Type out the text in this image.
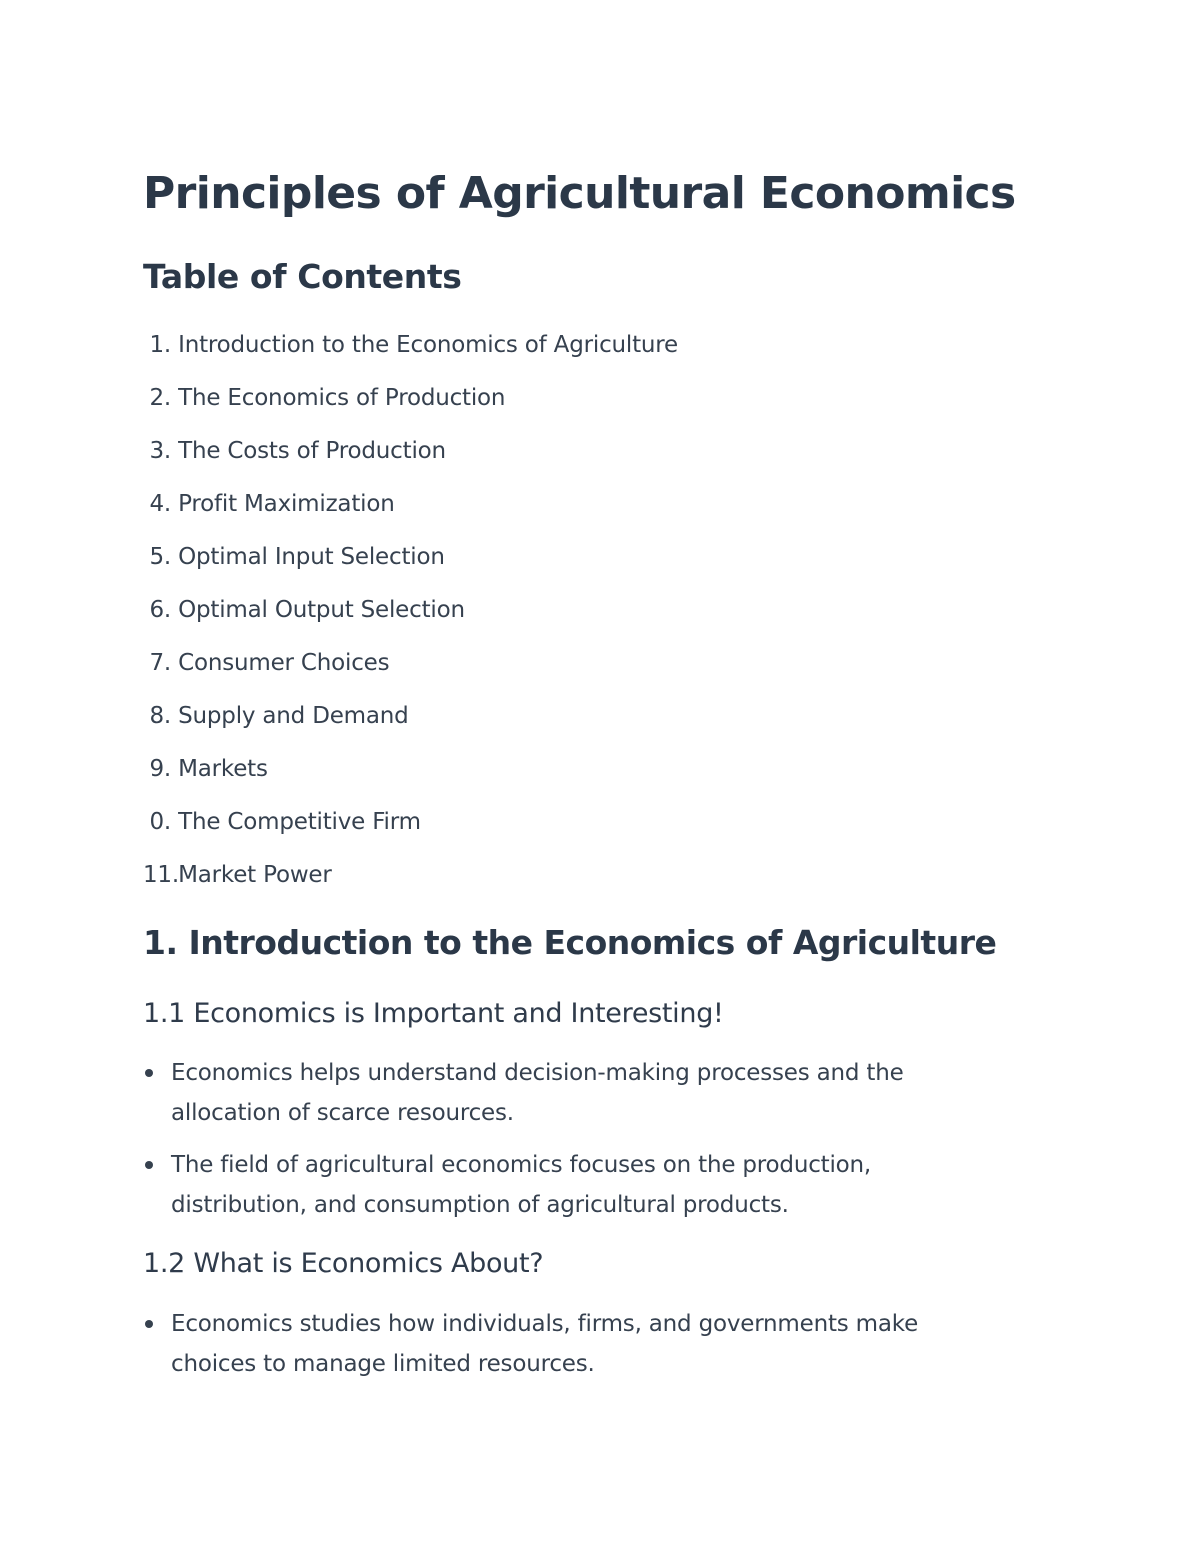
Principles of Agricultural Economics
Table of Contents
1. Introduction to the Economics of Agriculture
2. The Economics of Production
3. The Costs of Production
4. Profit Maximization
5. Optimal Input Selection
6. Optimal Output Selection
7. Consumer Choices
8. Supply and Demand
9. Markets
0. The Competitive Firm
11. Market Power
1. Introduction to the Economics of Agriculture
1.1 Economics is Important and Interesting!
Economics helps understand decision-making processes and the allocation of scarce resources.
The field of agricultural economics focuses on the production, distribution, and consumption of agricultural products.
1.2 What is Economics About?
Economics studies how individuals, firms, and governments make choices to manage limited resources.
